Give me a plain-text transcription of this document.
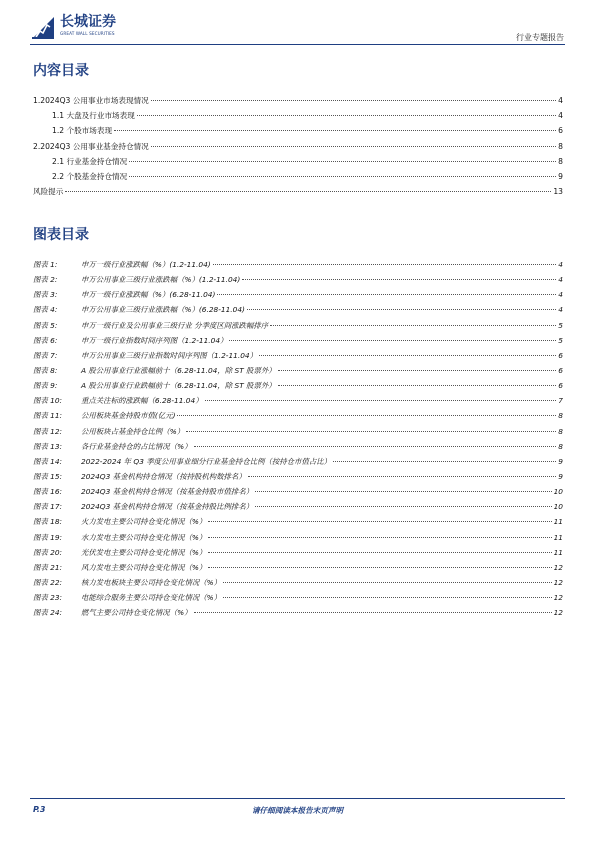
长城证券
GREAT WALL SECURITIES	行业专题报告
内容目录
1.2024Q3 公用事业市场表现情况	4
1.1 大盘及行业市场表现	4
1.2 个股市场表现	6
2.2024Q3 公用事业基金持仓情况	8
2.1 行业基金持仓情况	8
2.2 个股基金持仓情况	9
风险提示	13
图表目录
图表 1:	申万一级行业涨跌幅（%）(1.2-11.04)	4
图表 2:	申万公用事业三级行业涨跌幅（%）(1.2-11.04)	4
图表 3:	申万一级行业涨跌幅（%）(6.28-11.04)	4
图表 4:	申万公用事业三级行业涨跌幅（%）(6.28-11.04)	4
图表 5:	申万一级行业及公用事业三级行业 分季度区间涨跌幅排序	5
图表 6:	申万一级行业指数时间序列图（1.2-11.04）	5
图表 7:	申万公用事业三级行业指数时间序列图（1.2-11.04）	6
图表 8:	A 股公用事业行业涨幅前十（6.28-11.04，除 ST 股票外）	6
图表 9:	A 股公用事业行业跌幅前十（6.28-11.04，除 ST 股票外）	6
图表 10:	重点关注标的涨跌幅（6.28-11.04）	7
图表 11:	公用板块基金持股市值(亿元)	8
图表 12:	公用板块占基金持仓比例（%）	8
图表 13:	各行业基金持仓的占比情况（%）	8
图表 14:	2022-2024 年 Q3 季度公用事业细分行业基金持仓比例（按持仓市值占比）	9
图表 15:	2024Q3 基金机构持仓情况（按持股机构数排名）	9
图表 16:	2024Q3 基金机构持仓情况（按基金持股市值排名）	10
图表 17:	2024Q3 基金机构持仓情况（按基金持股比例排名）	10
图表 18:	火力发电主要公司持仓变化情况（%）	11
图表 19:	水力发电主要公司持仓变化情况（%）	11
图表 20:	光伏发电主要公司持仓变化情况（%）	11
图表 21:	风力发电主要公司持仓变化情况（%）	12
图表 22:	核力发电板块主要公司持仓变化情况（%）	12
图表 23:	电能综合服务主要公司持仓变化情况（%）	12
图表 24:	燃气主要公司持仓变化情况（%）	12
P.3	请仔细阅读本报告末页声明
